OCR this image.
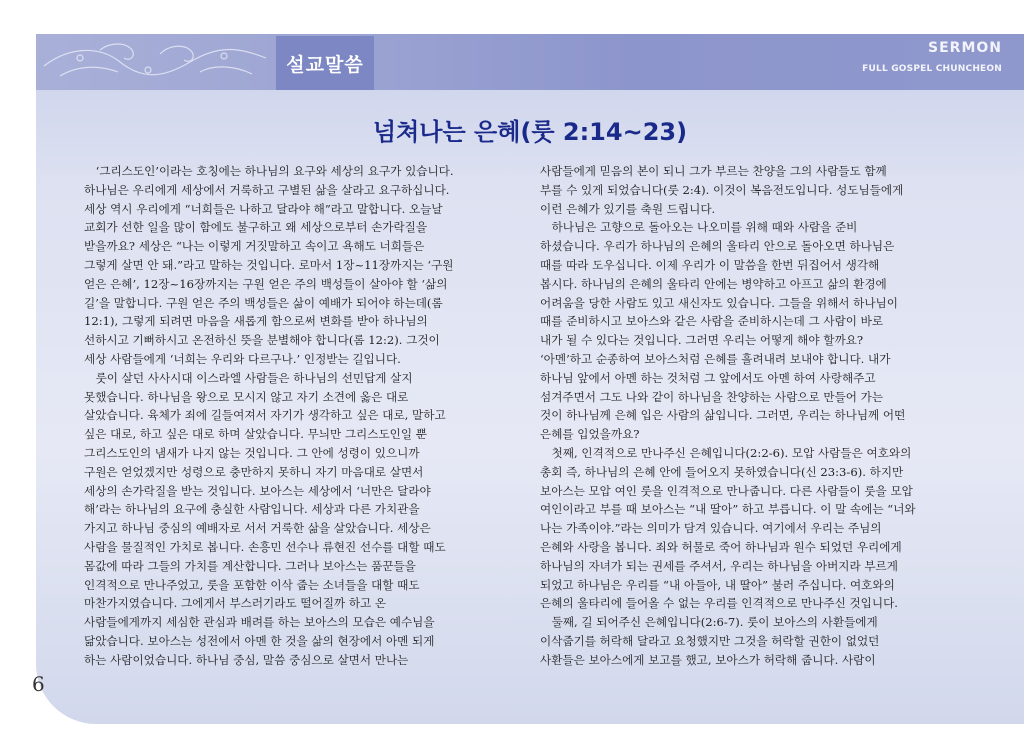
설교말씀
SERMON
FULL GOSPEL CHUNCHEON
넘쳐나는 은혜(룻 2:14~23)
　‘그리스도인’이라는 호칭에는 하나님의 요구와 세상의 요구가 있습니다.
하나님은 우리에게 세상에서 거룩하고 구별된 삶을 살라고 요구하십니다.
세상 역시 우리에게 “너희들은 나하고 달라야 해”라고 말합니다. 오늘날
교회가 선한 일을 많이 함에도 불구하고 왜 세상으로부터 손가락질을
받을까요? 세상은 “나는 이렇게 거짓말하고 속이고 욕해도 너희들은
그렇게 살면 안 돼.”라고 말하는 것입니다. 로마서 1장~11장까지는 ‘구원
얻은 은혜’, 12장~16장까지는 구원 얻은 주의 백성들이 살아야 할 ‘삶의
길’을 말합니다. 구원 얻은 주의 백성들은 삶이 예배가 되어야 하는데(롬
12:1), 그렇게 되려면 마음을 새롭게 함으로써 변화를 받아 하나님의
선하시고 기뻐하시고 온전하신 뜻을 분별해야 합니다(롬 12:2). 그것이
세상 사람들에게 ‘너희는 우리와 다르구나.’ 인정받는 길입니다.
　룻이 살던 사사시대 이스라엘 사람들은 하나님의 선민답게 살지
못했습니다. 하나님을 왕으로 모시지 않고 자기 소견에 옳은 대로
살았습니다. 육체가 죄에 길들여져서 자기가 생각하고 싶은 대로, 말하고
싶은 대로, 하고 싶은 대로 하며 살았습니다. 무늬만 그리스도인일 뿐
그리스도인의 냄새가 나지 않는 것입니다. 그 안에 성령이 있으니까
구원은 얻었겠지만 성령으로 충만하지 못하니 자기 마음대로 살면서
세상의 손가락질을 받는 것입니다. 보아스는 세상에서 ‘너만은 달라야
해’라는 하나님의 요구에 충실한 사람입니다. 세상과 다른 가치관을
가지고 하나님 중심의 예배자로 서서 거룩한 삶을 살았습니다. 세상은
사람을 물질적인 가치로 봅니다. 손흥민 선수나 류현진 선수를 대할 때도
몸값에 따라 그들의 가치를 계산합니다. 그러나 보아스는 품꾼들을
인격적으로 만나주었고, 룻을 포함한 이삭 줍는 소녀들을 대할 때도
마찬가지였습니다. 그에게서 부스러기라도 떨어질까 하고 온
사람들에게까지 세심한 관심과 배려를 하는 보아스의 모습은 예수님을
닮았습니다. 보아스는 성전에서 아멘 한 것을 삶의 현장에서 아멘 되게
하는 사람이었습니다. 하나님 중심, 말씀 중심으로 살면서 만나는
사람들에게 믿음의 본이 되니 그가 부르는 찬양을 그의 사람들도 함께
부를 수 있게 되었습니다(룻 2:4). 이것이 복음전도입니다. 성도님들에게
이런 은혜가 있기를 축원 드립니다.
　하나님은 고향으로 돌아오는 나오미를 위해 때와 사람을 준비
하셨습니다. 우리가 하나님의 은혜의 울타리 안으로 돌아오면 하나님은
때를 따라 도우십니다. 이제 우리가 이 말씀을 한번 뒤집어서 생각해
봅시다. 하나님의 은혜의 울타리 안에는 병약하고 아프고 삶의 환경에
어려움을 당한 사람도 있고 새신자도 있습니다. 그들을 위해서 하나님이
때를 준비하시고 보아스와 같은 사람을 준비하시는데 그 사람이 바로
내가 될 수 있다는 것입니다. 그러면 우리는 어떻게 해야 할까요?
‘아멘’하고 순종하여 보아스처럼 은혜를 흘려내려 보내야 합니다. 내가
하나님 앞에서 아멘 하는 것처럼 그 앞에서도 아멘 하여 사랑해주고
섬겨주면서 그도 나와 같이 하나님을 찬양하는 사람으로 만들어 가는
것이 하나님께 은혜 입은 사람의 삶입니다. 그러면, 우리는 하나님께 어떤
은혜를 입었을까요?
　첫째, 인격적으로 만나주신 은혜입니다(2:2-6). 모압 사람들은 여호와의
총회 즉, 하나님의 은혜 안에 들어오지 못하였습니다(신 23:3-6). 하지만
보아스는 모압 여인 룻을 인격적으로 만나줍니다. 다른 사람들이 룻을 모압
여인이라고 부를 때 보아스는 “내 딸아” 하고 부릅니다. 이 말 속에는 “너와
나는 가족이야.”라는 의미가 담겨 있습니다. 여기에서 우리는 주님의
은혜와 사랑을 봅니다. 죄와 허물로 죽어 하나님과 원수 되었던 우리에게
하나님의 자녀가 되는 권세를 주셔서, 우리는 하나님을 아버지라 부르게
되었고 하나님은 우리를 “내 아들아, 내 딸아” 불러 주십니다. 여호와의
은혜의 울타리에 들어올 수 없는 우리를 인격적으로 만나주신 것입니다.
　둘째, 길 되어주신 은혜입니다(2:6-7). 룻이 보아스의 사환들에게
이삭줍기를 허락해 달라고 요청했지만 그것을 허락할 권한이 없었던
사환들은 보아스에게 보고를 했고, 보아스가 허락해 줍니다. 사람이
6
